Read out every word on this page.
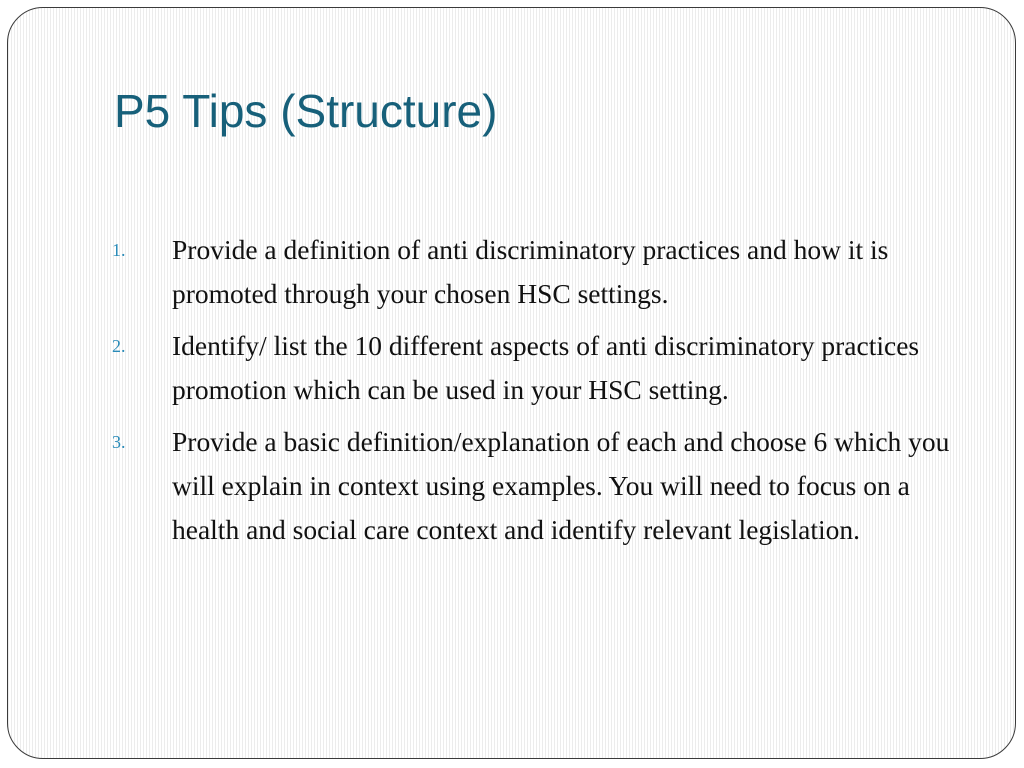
P5 Tips (Structure)
1. Provide a definition of anti discriminatory practices and how it is promoted through your chosen HSC settings.
2. Identify/ list the 10 different aspects of anti discriminatory practices promotion which can be used in your HSC setting.
3. Provide a basic definition/explanation of each and choose 6 which you will explain in context using examples. You will need to focus on a health and social care context and identify relevant legislation.
